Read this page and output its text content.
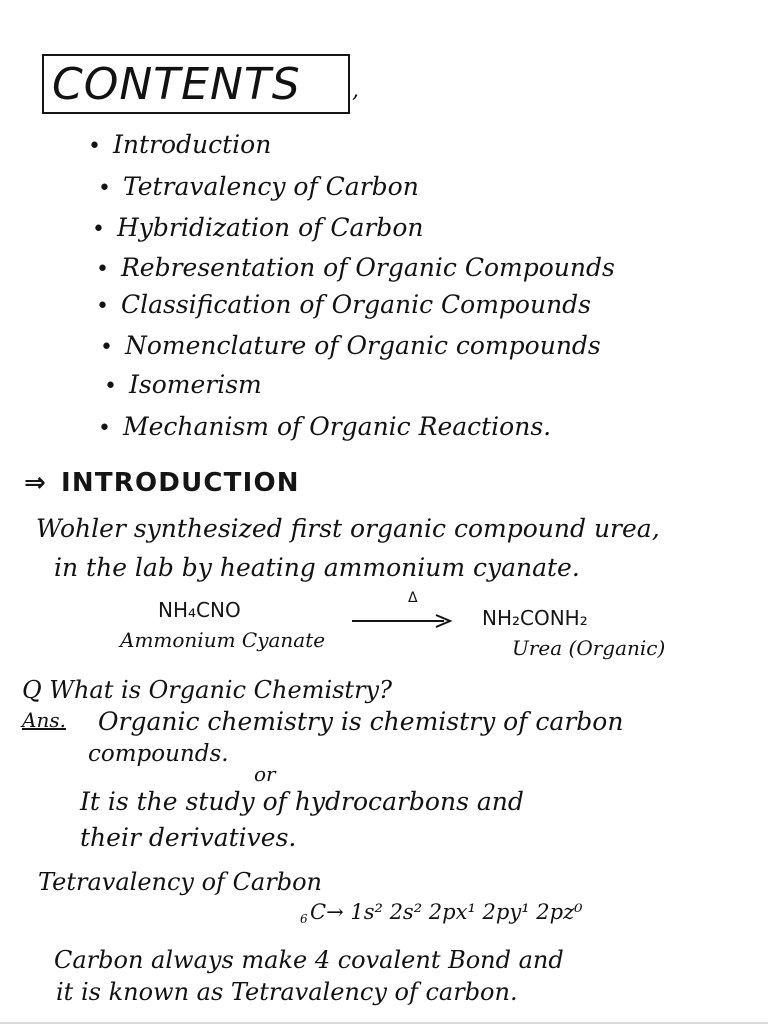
CONTENTS ,
• Introduction
• Tetravalency of Carbon
• Hybridization of Carbon
• Rebresentation of Organic Compounds
• Classification of Organic Compounds
• Nomenclature of Organic compounds
• Isomerism
• Mechanism of Organic Reactions.
⇒ INTRODUCTION
Wohler synthesized first organic compound urea,
in the lab by heating ammonium cyanate.
NH₄CNO
Ammonium Cyanate
Δ
NH₂CONH₂
Urea (Organic)
Q What is Organic Chemistry?
Ans. Organic chemistry is chemistry of carbon
compounds.
or
It is the study of hydrocarbons and
their derivatives.
Tetravalency of Carbon
6 C→ 1s² 2s² 2px¹ 2py¹ 2pz⁰
Carbon always make 4 covalent Bond and
it is known as Tetravalency of carbon.
